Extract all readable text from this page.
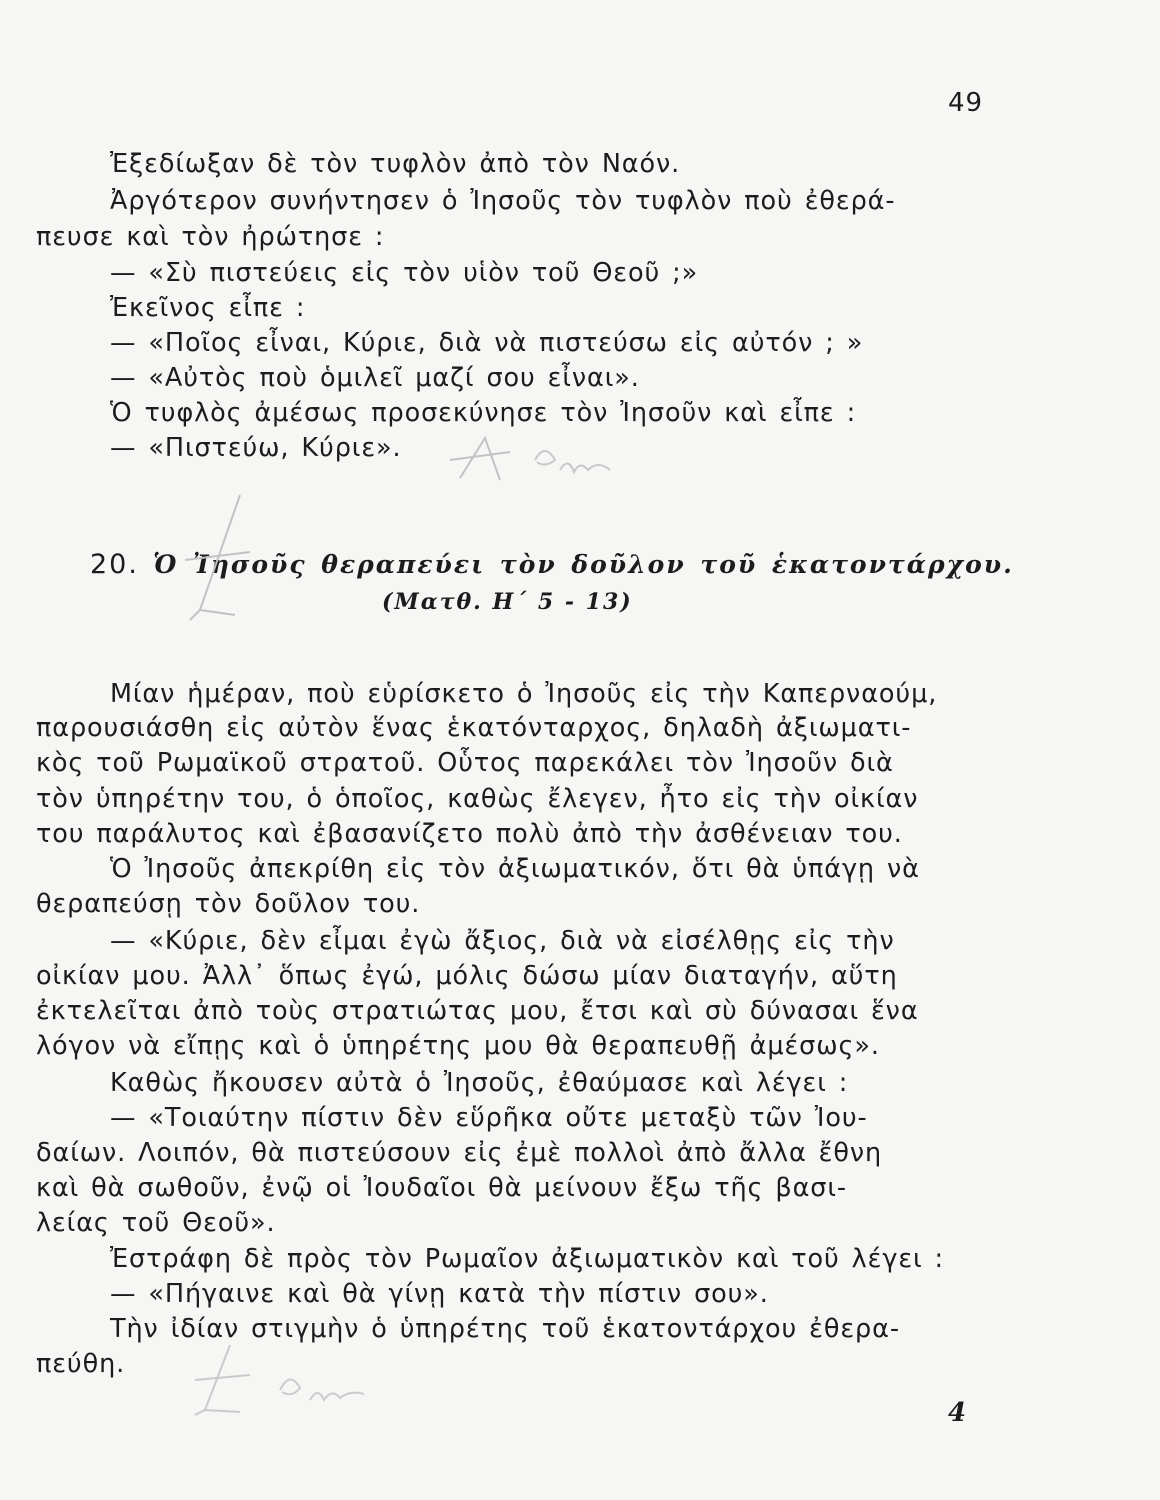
49
Ἐξεδίωξαν δὲ τὸν τυφλὸν ἀπὸ τὸν Ναόν.
Ἀργότερον συνήντησεν ὁ Ἰησοῦς τὸν τυφλὸν ποὺ ἐθερά-
πευσε καὶ τὸν ἠρώτησε :
— «Σὺ πιστεύεις εἰς τὸν υἱὸν τοῦ Θεοῦ ;»
Ἐκεῖνος εἶπε :
— «Ποῖος εἶναι, Κύριε, διὰ νὰ πιστεύσω εἰς αὐτόν ; »
— «Αὐτὸς ποὺ ὁμιλεῖ μαζί σου εἶναι».
Ὁ τυφλὸς ἀμέσως προσεκύνησε τὸν Ἰησοῦν καὶ εἶπε :
— «Πιστεύω, Κύριε».
20. Ὁ Ἰησοῦς θεραπεύει τὸν δοῦλον τοῦ ἑκατοντάρχου.
(Ματθ. Η΄ 5 - 13)
Μίαν ἡμέραν, ποὺ εὑρίσκετο ὁ Ἰησοῦς εἰς τὴν Καπερναούμ,
παρουσιάσθη εἰς αὐτὸν ἕνας ἑκατόνταρχος, δηλαδὴ ἀξιωματι-
κὸς τοῦ Ρωμαϊκοῦ στρατοῦ. Οὗτος παρεκάλει τὸν Ἰησοῦν διὰ
τὸν ὑπηρέτην του, ὁ ὁποῖος, καθὼς ἔλεγεν, ἦτο εἰς τὴν οἰκίαν
του παράλυτος καὶ ἐβασανίζετο πολὺ ἀπὸ τὴν ἀσθένειαν του.
Ὁ Ἰησοῦς ἀπεκρίθη εἰς τὸν ἀξιωματικόν, ὅτι θὰ ὑπάγῃ νὰ
θεραπεύσῃ τὸν δοῦλον του.
— «Κύριε, δὲν εἶμαι ἐγὼ ἄξιος, διὰ νὰ εἰσέλθῃς εἰς τὴν
οἰκίαν μου. Ἀλλ᾽ ὅπως ἐγώ, μόλις δώσω μίαν διαταγήν, αὕτη
ἐκτελεῖται ἀπὸ τοὺς στρατιώτας μου, ἔτσι καὶ σὺ δύνασαι ἕνα
λόγον νὰ εἴπῃς καὶ ὁ ὑπηρέτης μου θὰ θεραπευθῇ ἀμέσως».
Καθὼς ἤκουσεν αὐτὰ ὁ Ἰησοῦς, ἐθαύμασε καὶ λέγει :
— «Τοιαύτην πίστιν δὲν εὕρῆκα οὔτε μεταξὺ τῶν Ἰου-
δαίων. Λοιπόν, θὰ πιστεύσουν εἰς ἐμὲ πολλοὶ ἀπὸ ἄλλα ἔθνη
καὶ θὰ σωθοῦν, ἐνῷ οἱ Ἰουδαῖοι θὰ μείνουν ἔξω τῆς βασι-
λείας τοῦ Θεοῦ».
Ἐστράφη δὲ πρὸς τὸν Ρωμαῖον ἀξιωματικὸν καὶ τοῦ λέγει :
— «Πήγαινε καὶ θὰ γίνῃ κατὰ τὴν πίστιν σου».
Τὴν ἰδίαν στιγμὴν ὁ ὑπηρέτης τοῦ ἑκατοντάρχου ἐθερα-
πεύθη.
4
